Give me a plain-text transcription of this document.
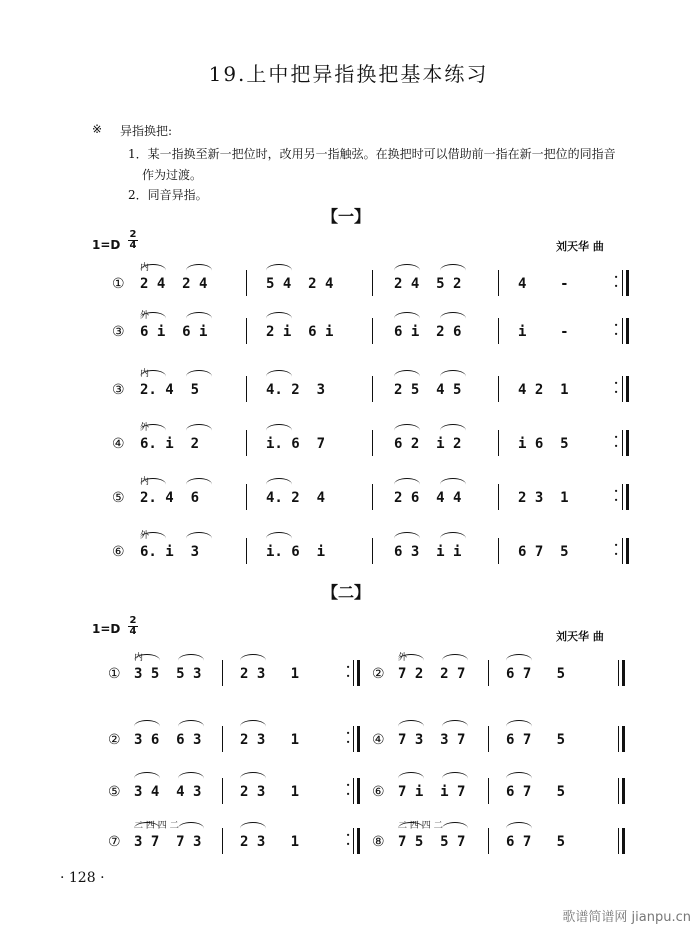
19.上中把异指换把基本练习
※ 异指换把:
1．某一指换至新一把位时，改用另一指触弦。在换把时可以借助前一指在新一把位的同指音
作为过渡。
2．同音异指。
【一】
1=D
2
4	刘天华 曲
①
内
2 4  2 4	5 4  2 4	2 4  5 2	4    -	·
·
③
外
6 i  6 i	2 i  6 i	6 i  2 6	i    -	·
·
③
内
2. 4  5	4. 2  3	2 5  4 5	4 2  1	·
·
④
外
6. i  2	i. 6  7	6 2  i 2	i 6  5	·
·
⑤
内
2. 4  6	4. 2  4	2 6  4 4	2 3  1	·
·
⑥
外
6. i  3	i. 6  i	6 3  i i	6 7  5	·
·
【二】
1=D
2
4	刘天华 曲
①
内
3 5  5 3	2 3   1	·
· ②
外
7 2  2 7	6 7   5
② 3 6  6 3	2 3   1	·
· ④ 7 3  3 7	6 7   5
⑤ 3 4  4 3	2 3   1	·
· ⑥ 7 i  i 7	6 7   5
⑦
二 四 四 二
3 7  7 3	2 3   1	·
· ⑧
二 四 四 二
7 5  5 7	6 7   5
· 128 ·
歌谱简谱网 jianpu.cn
